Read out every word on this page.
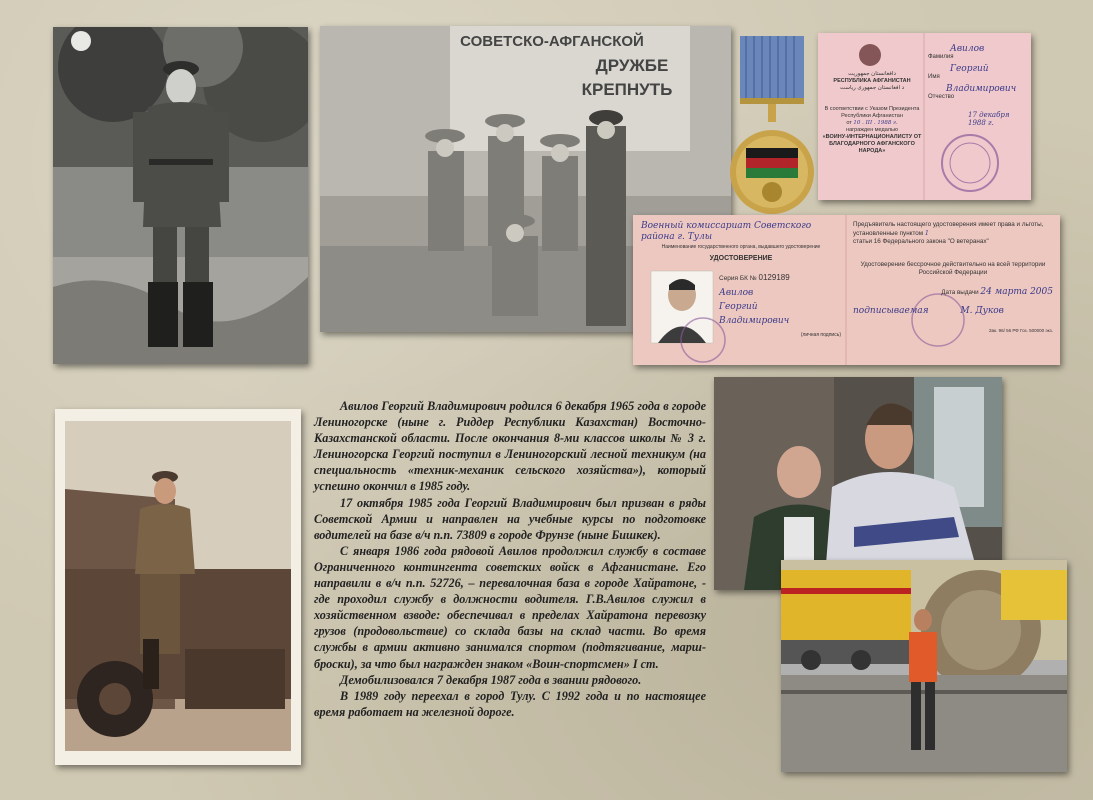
СОВЕТСКО-АФГАНСКОЙ
ДРУЖБЕ
КРЕПНУТЬ
دافغانستان جمهوريت
РЕСПУБЛИКА АФГАНИСТАН
د افغانستان جمهوری ریاست
В соответствии с Указом Президента Республики Афганистан
от 10 . III . 1988 г.
награжден медалью
«ВОИНУ-ИНТЕРНАЦИОНАЛИСТУ ОТ БЛАГОДАРНОГО АФГАНСКОГО НАРОДА»
Авилов
Фамилия
Георгий
Имя
Владимирович
Отчество
17 декабря 1988 г.
Военный комиссариат Советского района г. Тулы
Наименование государственного органа, выдавшего удостоверение
УДОСТОВЕРЕНИЕ
Серия БК № 0129189
Авилов
Георгий
Владимирович
(личная подпись)
Предъявитель настоящего удостоверения имеет права и льготы, установленные пунктом 1
статьи 16 Федерального закона "О ветеранах"
Удостоверение бессрочное действительно на всей территории Российской Федерации
Дата выдачи 24 марта 2005
подписываемая	М. Дуков
Зак. 96/ 56 РФ Гоз. 500000 экз.

Авилов Георгий Владимирович родился 6 декабря 1965 года в городе Лениногорске (ныне г. Риддер Республики Казахстан) Восточно-Казахстанской области. После окончания 8-ми классов школы № 3 г. Лениногорска Георгий поступил в Лениногорский лесной техникум (на специальность «техник-механик сельского хозяйства»), который успешно окончил в 1985 году.

17 октября 1985 года Георгий Владимирович был призван в ряды Советской Армии и направлен на учебные курсы по подготовке водителей на базе в/ч п.п. 73809 в городе Фрунзе (ныне Бишкек).

С января 1986 года рядовой Авилов продолжил службу в составе Ограниченного контингента советских войск в Афганистане. Его направили в в/ч п.п. 52726, – перевалочная база в городе Хайратоне, - где проходил службу в должности водителя. Г.В.Авилов служил в хозяйственном взводе: обеспечивал в пределах Хайратона перевозку грузов (продовольствие) со склада базы на склад части. Во время службы в армии активно занимался спортом (подтягивание, марш-броски), за что был награжден знаком «Воин-спортсмен» I ст.

Демобилизовался 7 декабря 1987 года в звании рядового.

В 1989 году переехал в город Тулу. С 1992 года и по настоящее время работает на железной дороге.
